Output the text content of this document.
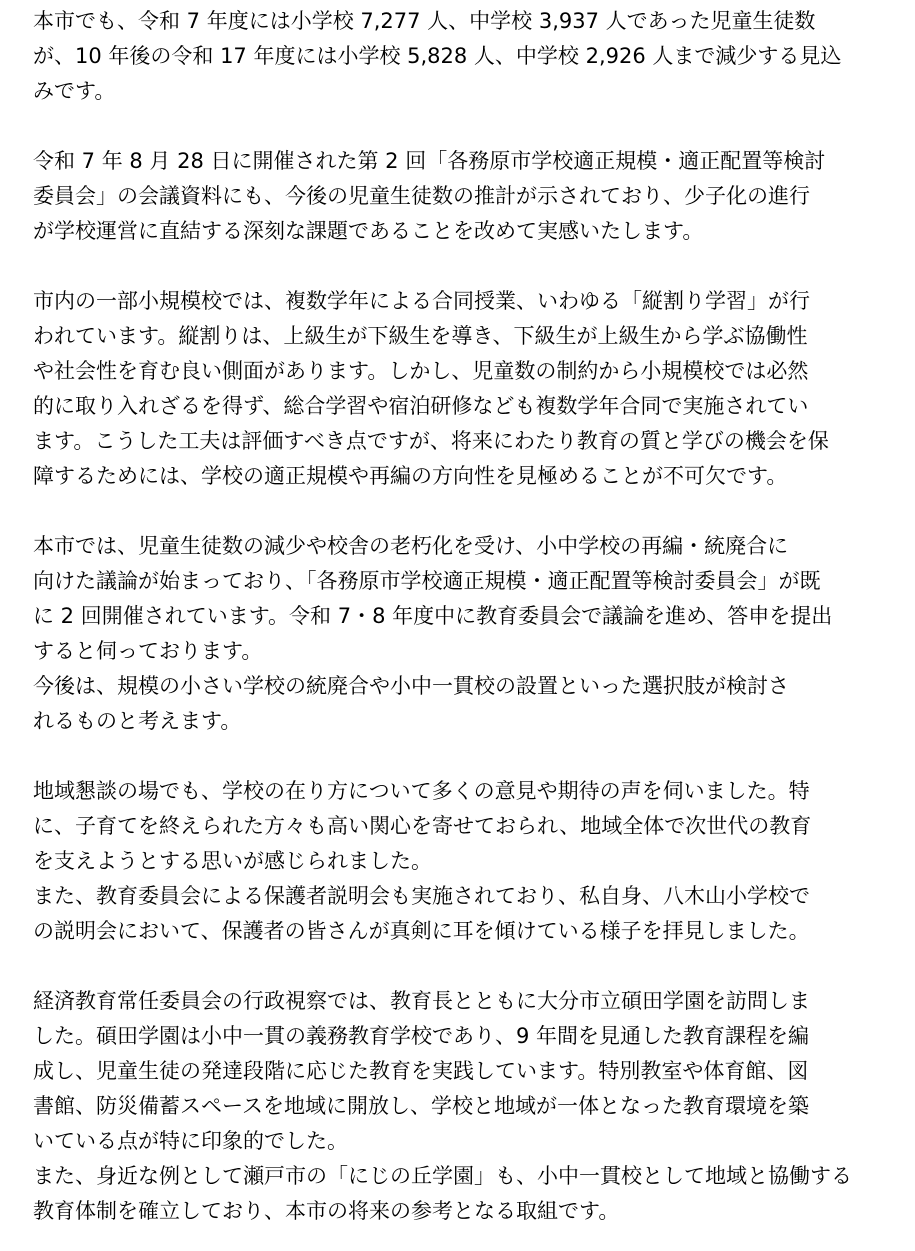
本市でも、令和 7 年度には小学校 7,277 人、中学校 3,937 人であった児童生徒数
が、10 年後の令和 17 年度には小学校 5,828 人、中学校 2,926 人まで減少する見込
みです。
令和 7 年 8 月 28 日に開催された第 2 回「各務原市学校適正規模・適正配置等検討
委員会」の会議資料にも、今後の児童生徒数の推計が示されており、少子化の進行
が学校運営に直結する深刻な課題であることを改めて実感いたします。
市内の一部小規模校では、複数学年による合同授業、いわゆる「縦割り学習」が行
われています。縦割りは、上級生が下級生を導き、下級生が上級生から学ぶ協働性
や社会性を育む良い側面があります。しかし、児童数の制約から小規模校では必然
的に取り入れざるを得ず、総合学習や宿泊研修なども複数学年合同で実施されてい
ます。こうした工夫は評価すべき点ですが、将来にわたり教育の質と学びの機会を保
障するためには、学校の適正規模や再編の方向性を見極めることが不可欠です。
本市では、児童生徒数の減少や校舎の老朽化を受け、小中学校の再編・統廃合に
向けた議論が始まっており、「各務原市学校適正規模・適正配置等検討委員会」が既
に 2 回開催されています。令和 7・8 年度中に教育委員会で議論を進め、答申を提出
すると伺っております。
今後は、規模の小さい学校の統廃合や小中一貫校の設置といった選択肢が検討さ
れるものと考えます。
地域懇談の場でも、学校の在り方について多くの意見や期待の声を伺いました。特
に、子育てを終えられた方々も高い関心を寄せておられ、地域全体で次世代の教育
を支えようとする思いが感じられました。
また、教育委員会による保護者説明会も実施されており、私自身、八木山小学校で
の説明会において、保護者の皆さんが真剣に耳を傾けている様子を拝見しました。
経済教育常任委員会の行政視察では、教育長とともに大分市立碩田学園を訪問しま
した。碩田学園は小中一貫の義務教育学校であり、9 年間を見通した教育課程を編
成し、児童生徒の発達段階に応じた教育を実践しています。特別教室や体育館、図
書館、防災備蓄スペースを地域に開放し、学校と地域が一体となった教育環境を築
いている点が特に印象的でした。
また、身近な例として瀬戸市の「にじの丘学園」も、小中一貫校として地域と協働する
教育体制を確立しており、本市の将来の参考となる取組です。
